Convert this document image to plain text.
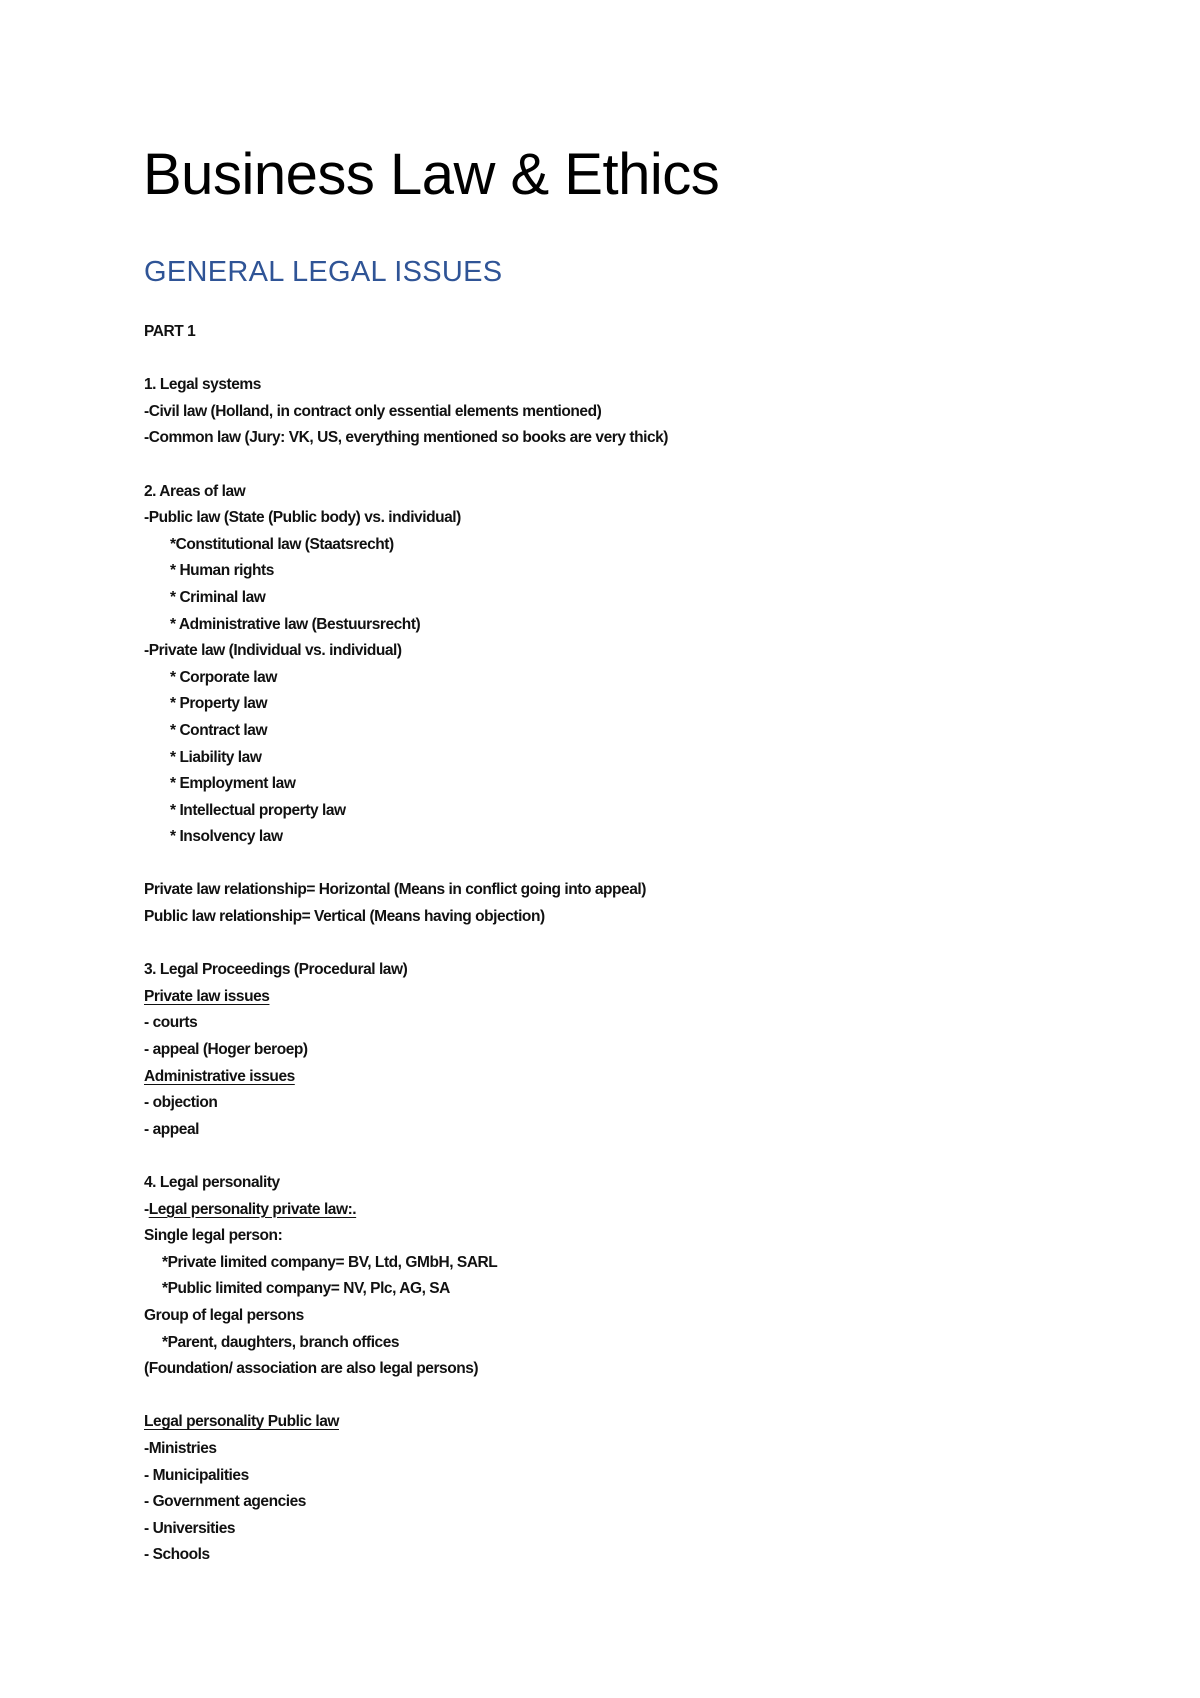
Business Law & Ethics
GENERAL LEGAL ISSUES
PART 1
1. Legal systems
-Civil law (Holland, in contract only essential elements mentioned)
-Common law (Jury: VK, US, everything mentioned so books are very thick)
2. Areas of law
-Public law (State (Public body) vs. individual)
*Constitutional law (Staatsrecht)
* Human rights
* Criminal law
* Administrative law (Bestuursrecht)
-Private law (Individual vs. individual)
* Corporate law
* Property law
* Contract law
* Liability law
* Employment law
* Intellectual property law
* Insolvency law
Private law relationship= Horizontal (Means in conflict going into appeal)
Public law relationship= Vertical (Means having objection)
3. Legal Proceedings (Procedural law)
Private law issues
- courts
- appeal (Hoger beroep)
Administrative issues
- objection
- appeal
4. Legal personality
-Legal personality private law:.
Single legal person:
*Private limited company= BV, Ltd, GMbH, SARL
*Public limited company= NV, Plc, AG, SA
Group of legal persons
*Parent, daughters, branch offices
(Foundation/ association are also legal persons)
Legal personality Public law
-Ministries
- Municipalities
- Government agencies
- Universities
- Schools
